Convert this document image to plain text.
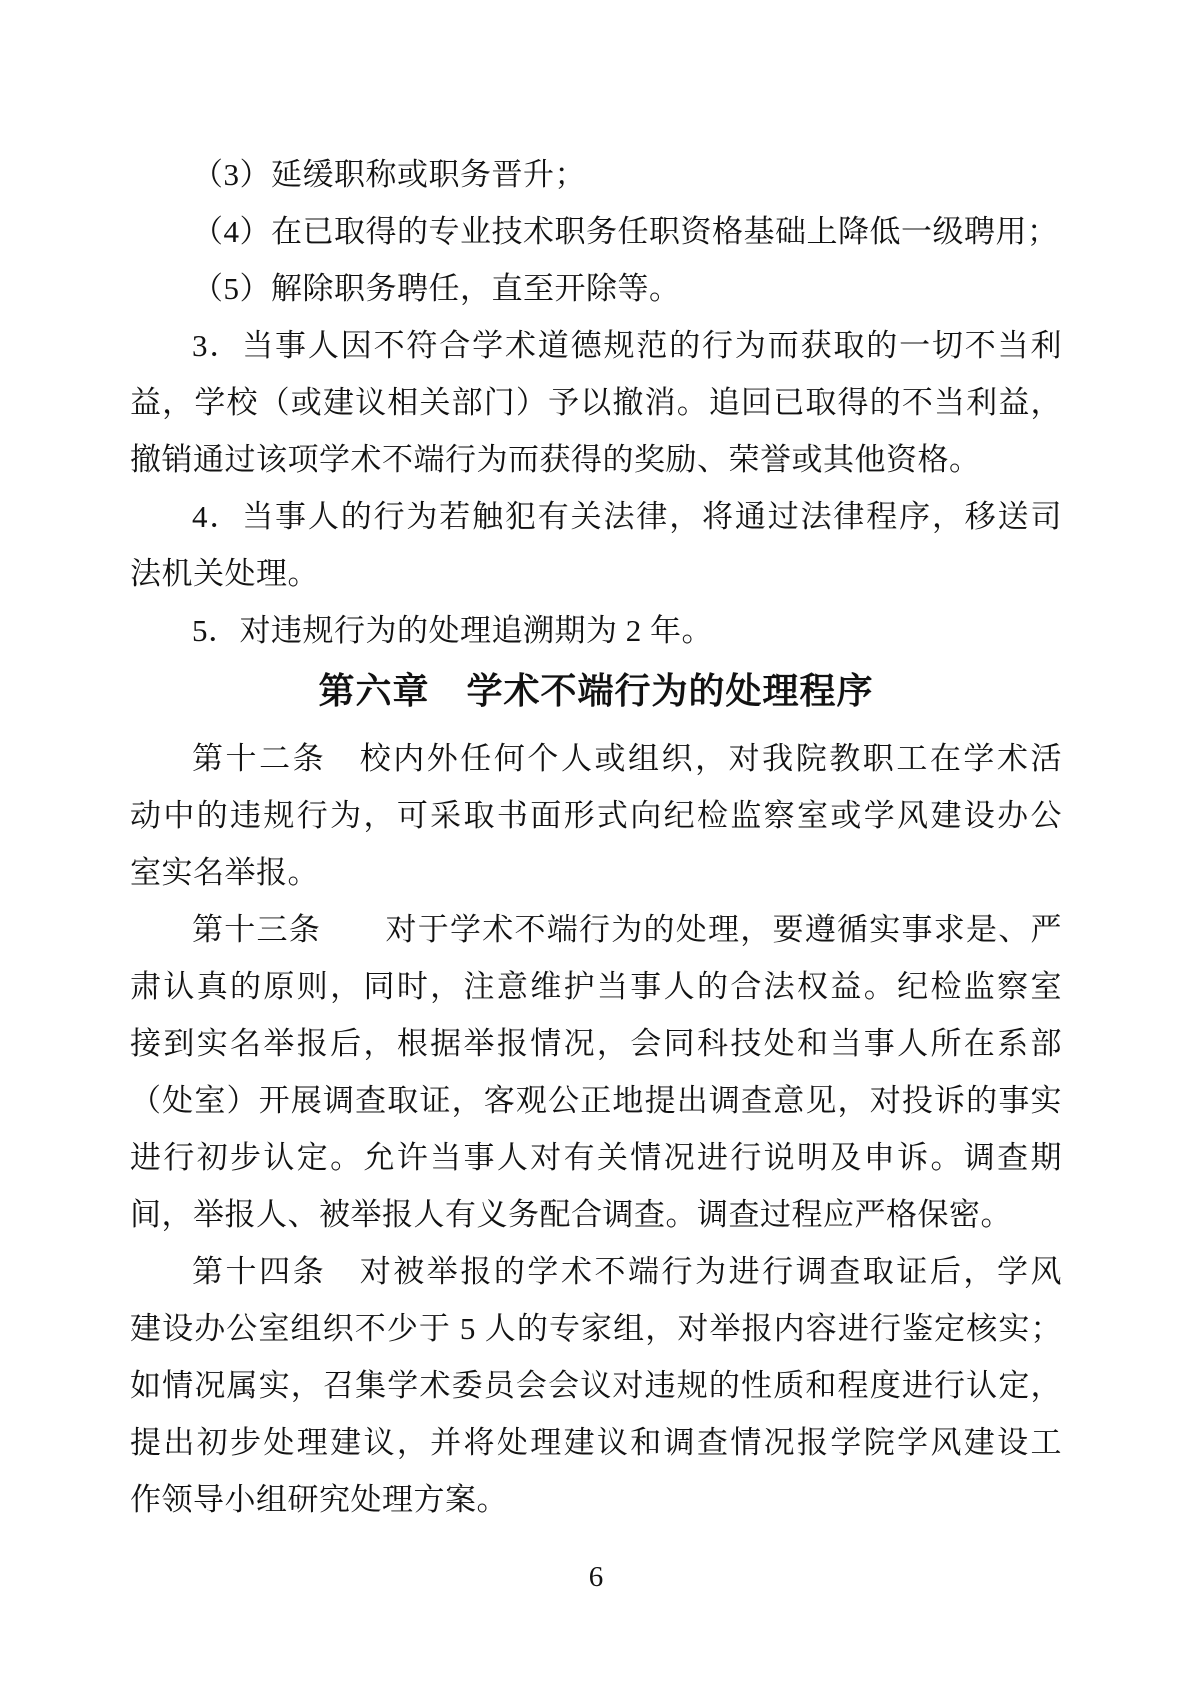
（3）延缓职称或职务晋升；
（4）在已取得的专业技术职务任职资格基础上降低一级聘用；
（5）解除职务聘任，直至开除等。
3．当事人因不符合学术道德规范的行为而获取的一切不当利
益，学校（或建议相关部门）予以撤消。追回已取得的不当利益，
撤销通过该项学术不端行为而获得的奖励、荣誉或其他资格。
4．当事人的行为若触犯有关法律，将通过法律程序，移送司
法机关处理。
5．对违规行为的处理追溯期为 2 年。
第六章　学术不端行为的处理程序
第十二条　校内外任何个人或组织，对我院教职工在学术活
动中的违规行为，可采取书面形式向纪检监察室或学风建设办公
室实名举报。
第十三条　　对于学术不端行为的处理，要遵循实事求是、严
肃认真的原则，同时，注意维护当事人的合法权益。纪检监察室
接到实名举报后，根据举报情况，会同科技处和当事人所在系部
（处室）开展调查取证，客观公正地提出调查意见，对投诉的事实
进行初步认定。允许当事人对有关情况进行说明及申诉。调查期
间，举报人、被举报人有义务配合调查。调查过程应严格保密。
第十四条　对被举报的学术不端行为进行调查取证后，学风
建设办公室组织不少于 5 人的专家组，对举报内容进行鉴定核实；
如情况属实，召集学术委员会会议对违规的性质和程度进行认定，
提出初步处理建议，并将处理建议和调查情况报学院学风建设工
作领导小组研究处理方案。
6
